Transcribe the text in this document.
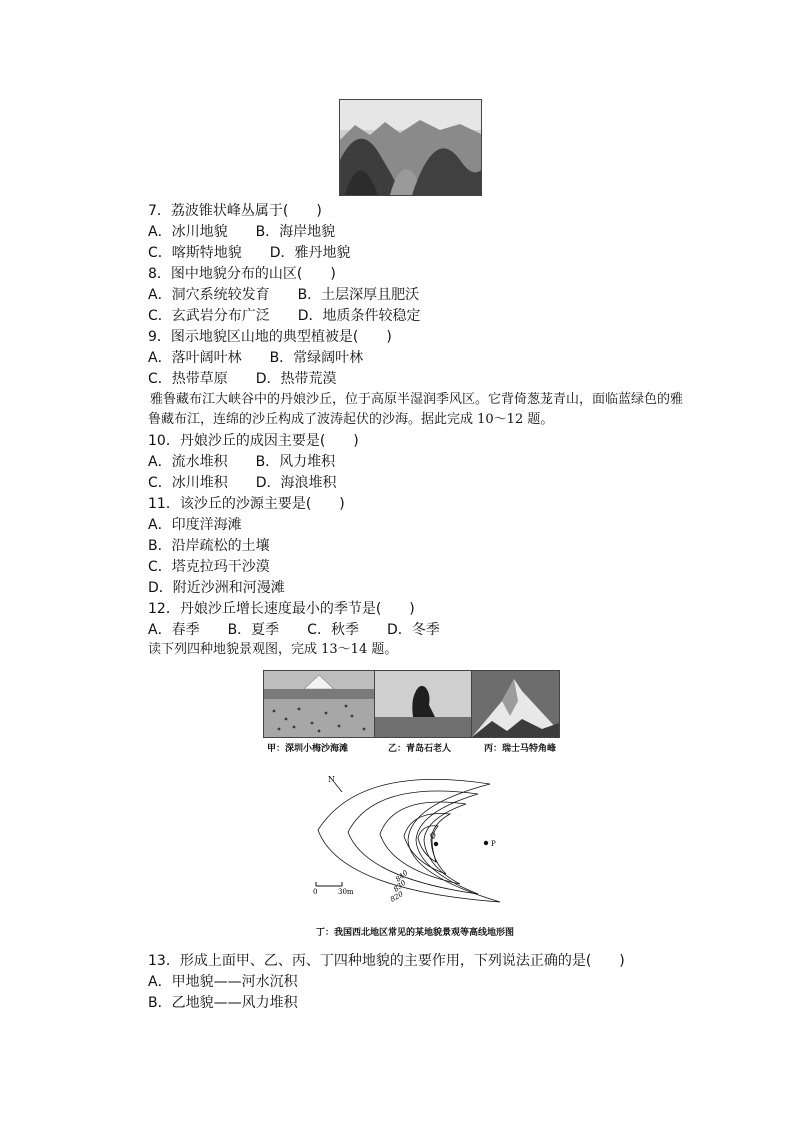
7．荔波锥状峰丛属于(　　)
A．冰川地貌　　B．海岸地貌
C．喀斯特地貌　　D．雅丹地貌
8．图中地貌分布的山区(　　)
A．洞穴系统较发育　　B．土层深厚且肥沃
C．玄武岩分布广泛　　D．地质条件较稳定
9．图示地貌区山地的典型植被是(　　)
A．落叶阔叶林　　B．常绿阔叶林
C．热带草原　　D．热带荒漠
雅鲁藏布江大峡谷中的丹娘沙丘，位于高原半湿润季风区。它背倚葱茏青山，面临蓝绿色的雅鲁藏布江，连绵的沙丘构成了波涛起伏的沙海。据此完成 10～12 题。
10．丹娘沙丘的成因主要是(　　)
A．流水堆积　　B．风力堆积
C．冰川堆积　　D．海浪堆积
11．该沙丘的沙源主要是(　　)
A．印度洋海滩
B．沿岸疏松的土壤
C．塔克拉玛干沙漠
D．附近沙洲和河漫滩
12．丹娘沙丘增长速度最小的季节是(　　)
A．春季　　B．夏季　　C．秋季　　D．冬季
读下列四种地貌景观图，完成 13～14 题。
甲：深圳小梅沙海滩	乙：青岛石老人	丙：瑞士马特角峰
N
Q
P
840
830
820
0	30m
丁：我国西北地区常见的某地貌景观等高线地形图
13．形成上面甲、乙、丙、丁四种地貌的主要作用，下列说法正确的是(　　)
A．甲地貌——河水沉积
B．乙地貌——风力堆积
